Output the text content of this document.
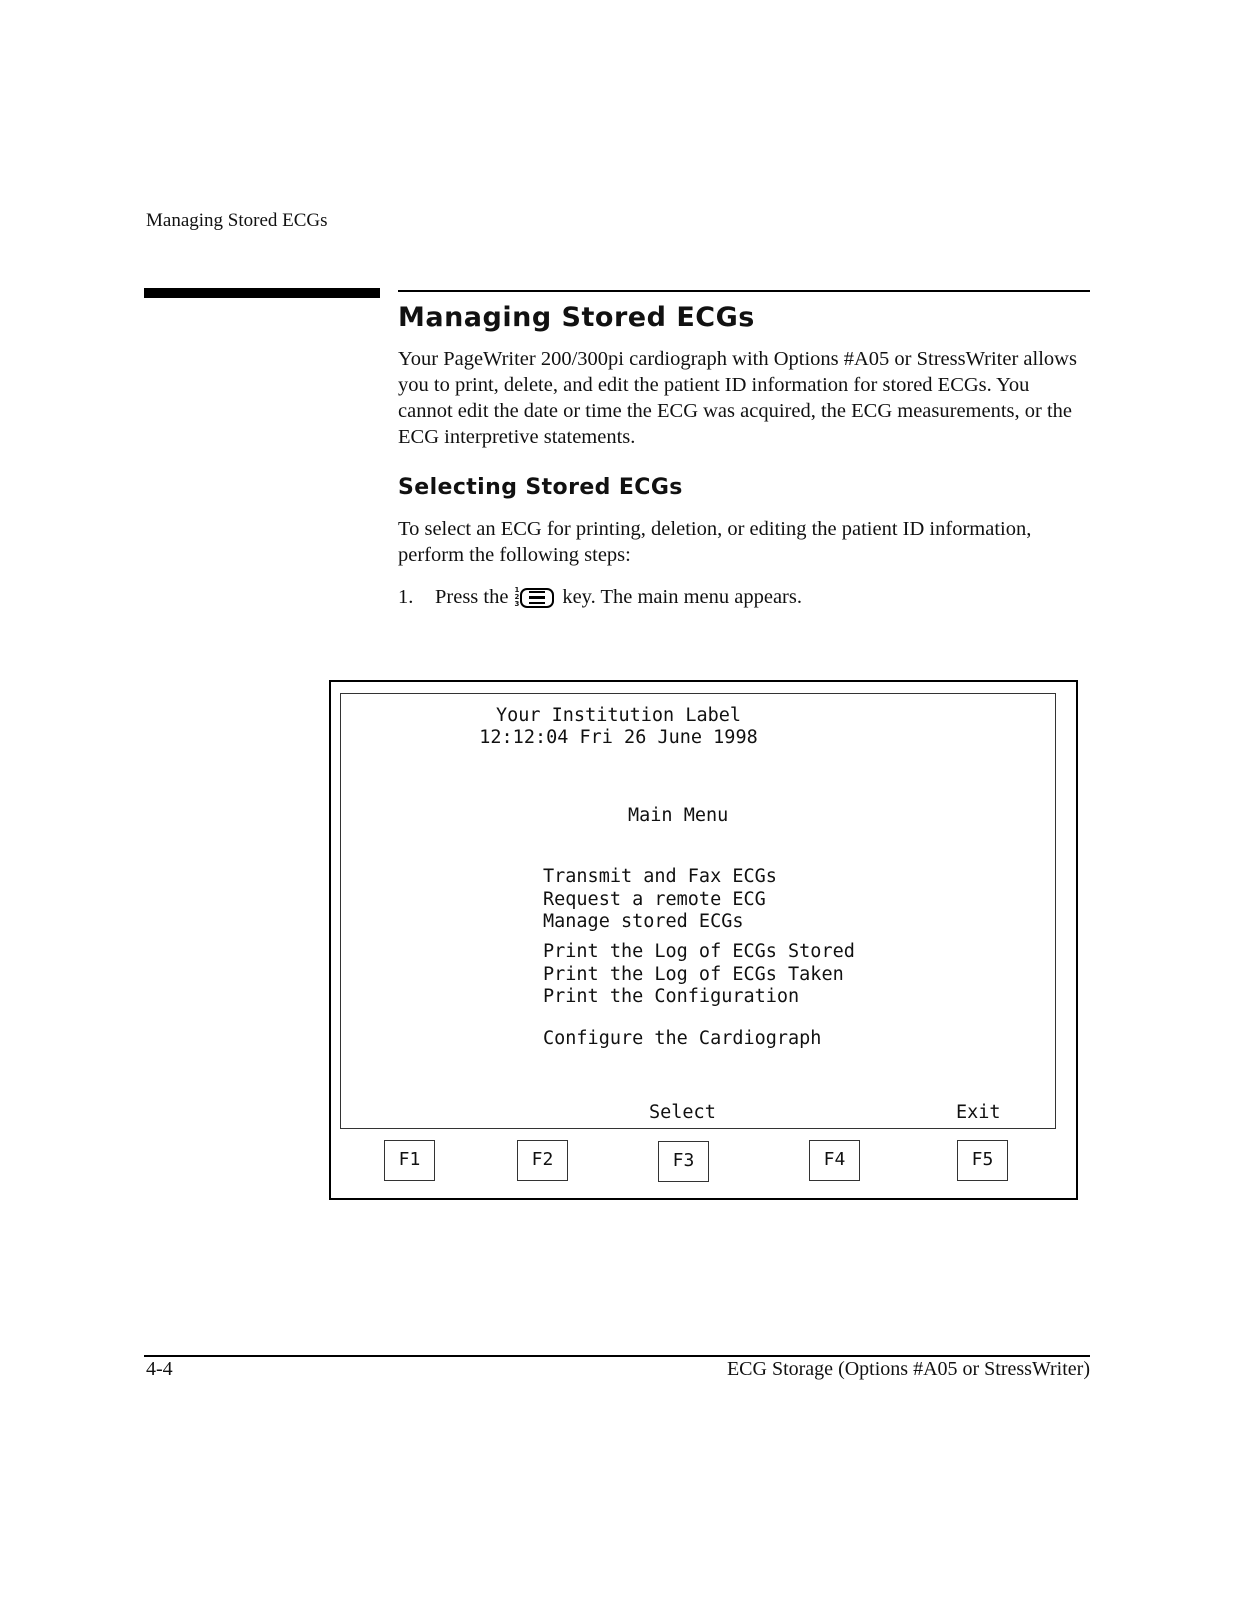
Managing Stored ECGs
Managing Stored ECGs

Your PageWriter 200/300pi cardiograph with Options #A05 or StressWriter allows you to print, delete, and edit the patient ID information for stored ECGs. You cannot edit the date or time the ECG was acquired, the ECG measurements, or the ECG interpretive statements.

Selecting Stored ECGs

To select an ECG for printing, deletion, or editing the patient ID information, perform the following steps:

1.	Press the 1
2
3 key. The main menu appears.
Your Institution Label
12:12:04 Fri 26 June 1998
Main Menu
Transmit and Fax ECGs
Request a remote ECG
Manage stored ECGs
Print the Log of ECGs Stored
Print the Log of ECGs Taken
Print the Configuration
Configure the Cardiograph
Select	Exit
F1	F2	F3	F4	F5
4-4	ECG Storage (Options #A05 or StressWriter)
